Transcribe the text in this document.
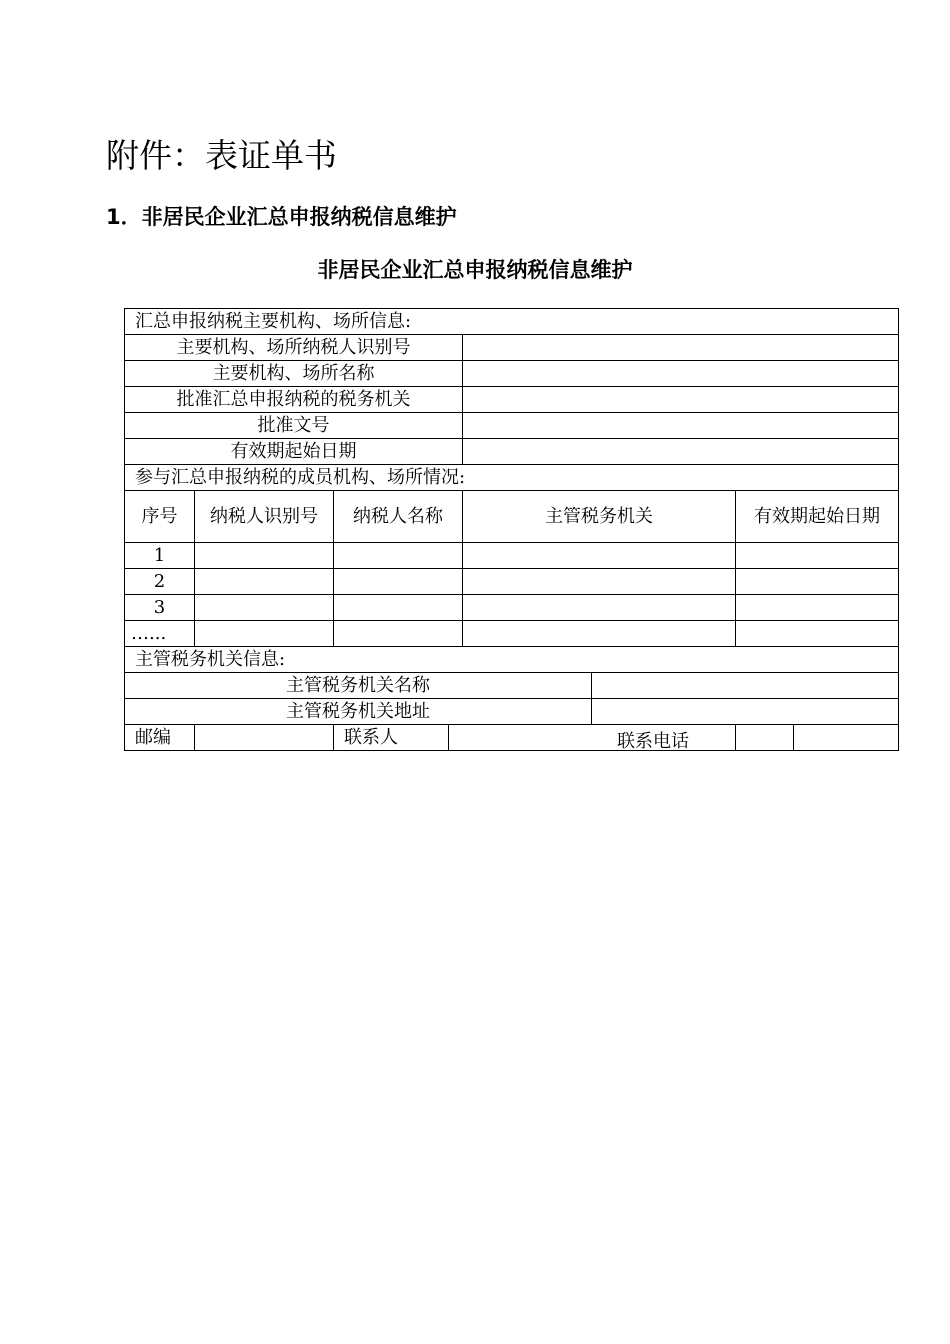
附件：表证单书
1．非居民企业汇总申报纳税信息维护
非居民企业汇总申报纳税信息维护
汇总申报纳税主要机构、场所信息:							
主要机构、场所纳税人识别号							
主要机构、场所名称							
批准汇总申报纳税的税务机关							
批准文号							
有效期起始日期							
参与汇总申报纳税的成员机构、场所情况:							
序号	纳税人识别号	纳税人名称		主管税务机关		有效期起始日期	
1							
2							
3							
…...							
主管税务机关信息:							
主管税务机关名称							
主管税务机关地址							
邮编		联系人						联系电话
